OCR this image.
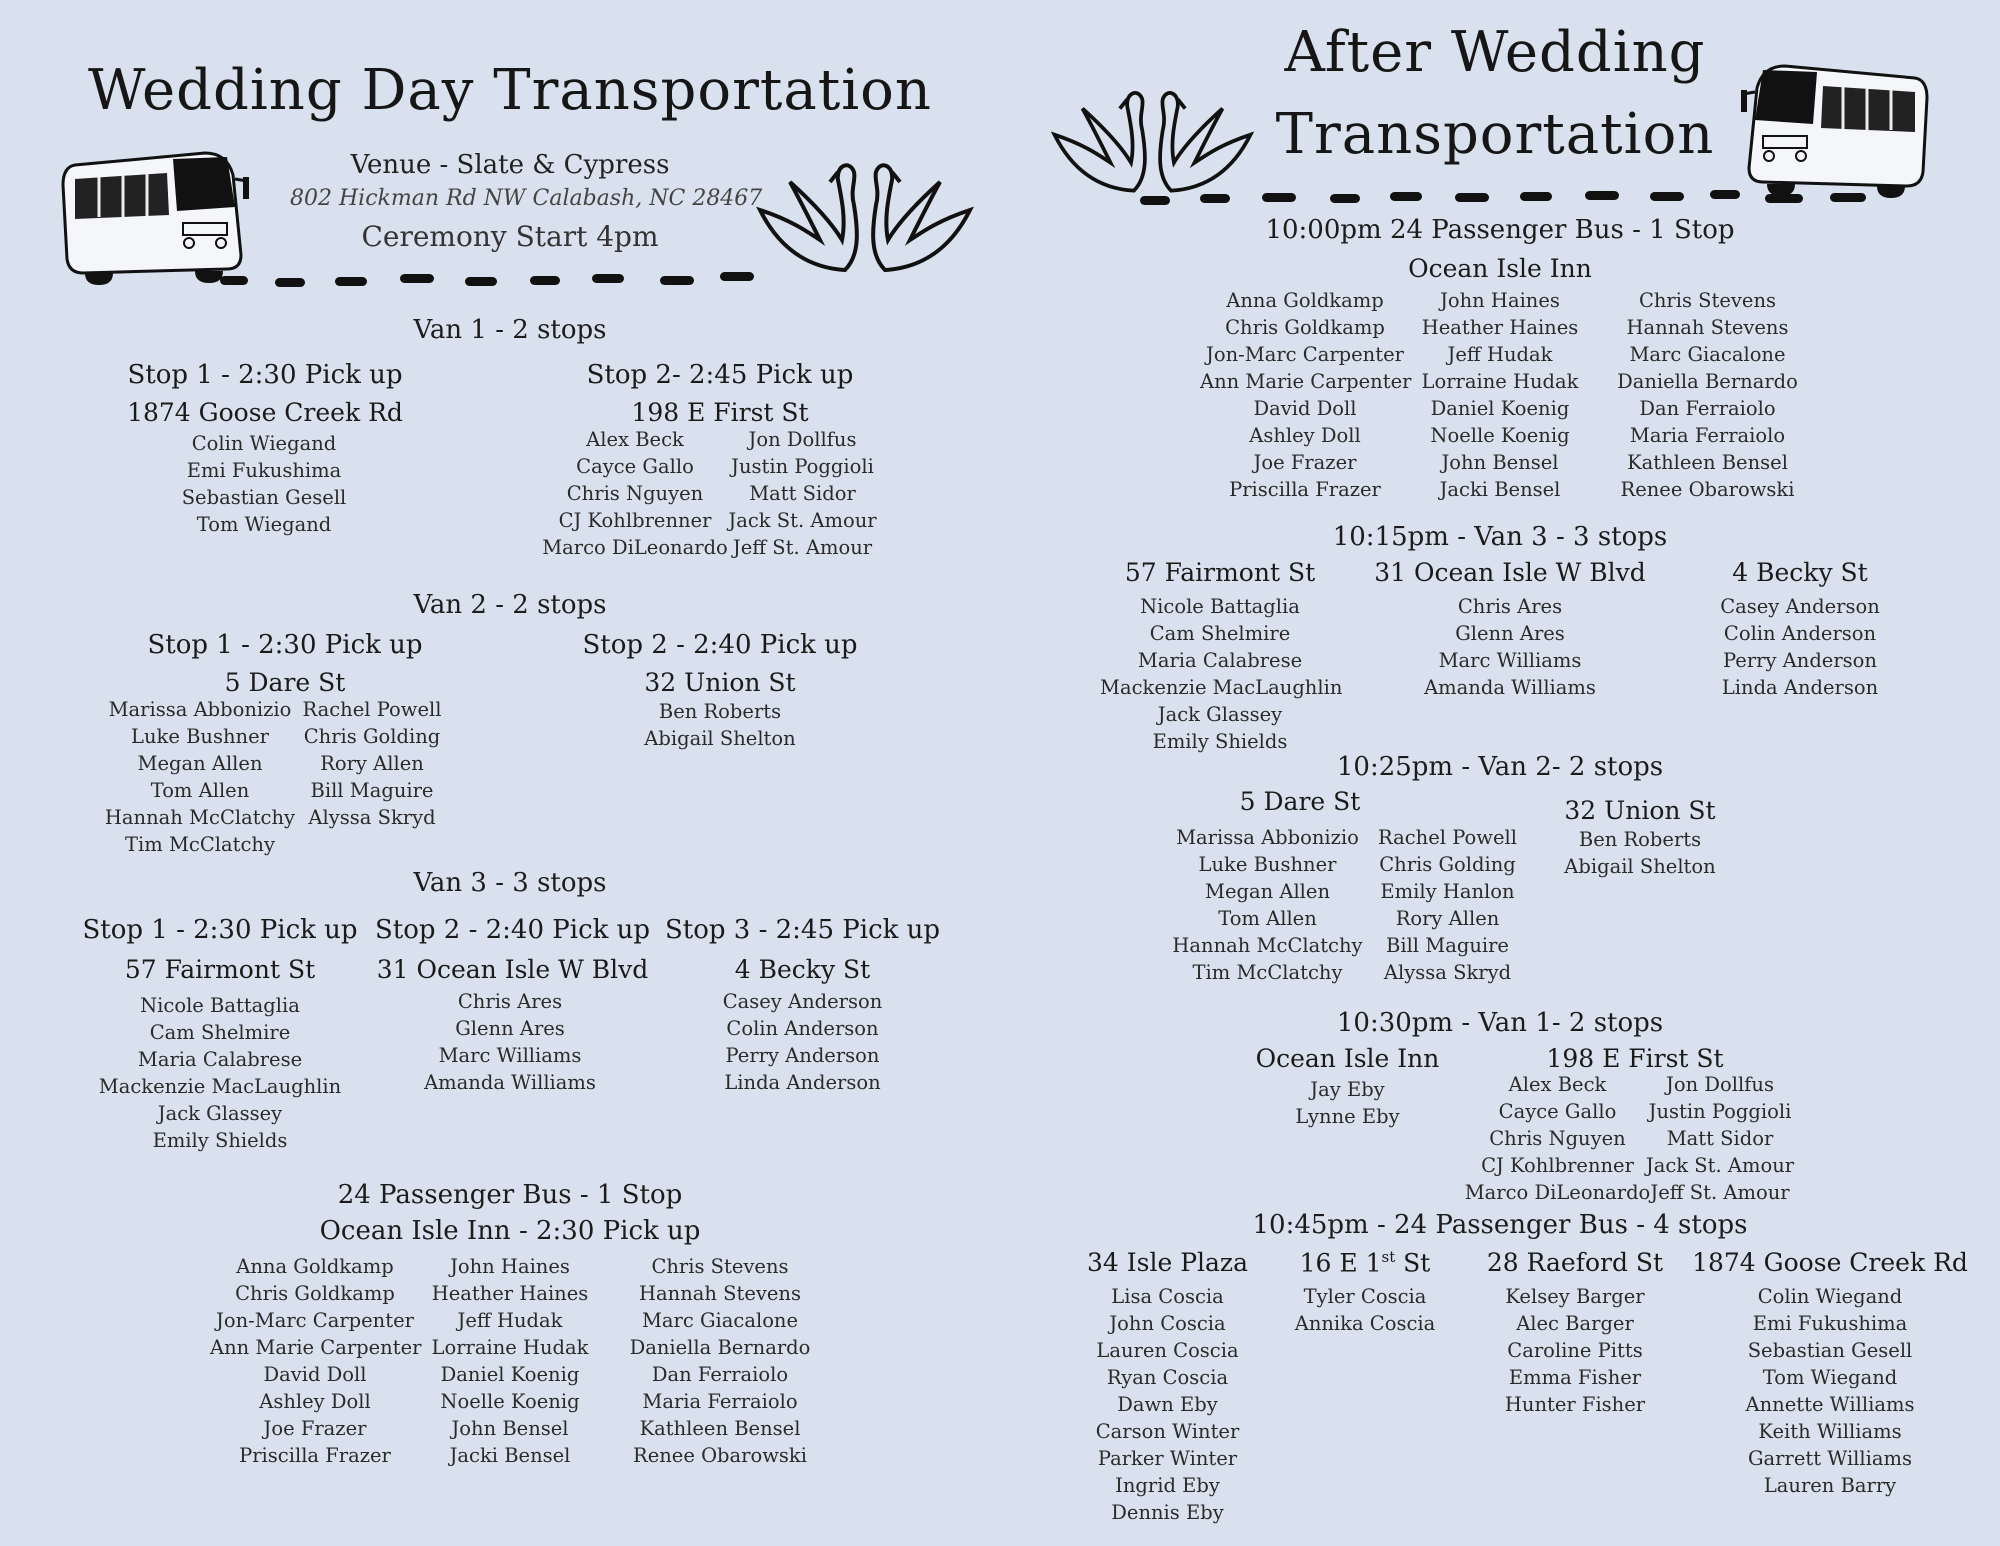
Wedding Day Transportation
Venue - Slate & Cypress
802 Hickman Rd NW Calabash, NC 28467
Ceremony Start 4pm
Van 1 - 2 stops
Stop 1 - 2:30 Pick up
1874 Goose Creek Rd
Colin Wiegand
Emi Fukushima
Sebastian Gesell
Tom Wiegand
Stop 2- 2:45 Pick up
198 E First St
Alex Beck
Cayce Gallo
Chris Nguyen
CJ Kohlbrenner
Marco DiLeonardo
Jon Dollfus
Justin Poggioli
Matt Sidor
Jack St. Amour
Jeff St. Amour
Van 2 - 2 stops
Stop 1 - 2:30 Pick up
5 Dare St
Marissa Abbonizio
Luke Bushner
Megan Allen
Tom Allen
Hannah McClatchy
Tim McClatchy
Rachel Powell
Chris Golding
Rory Allen
Bill Maguire
Alyssa Skryd
Stop 2 - 2:40 Pick up
32 Union St
Ben Roberts
Abigail Shelton
Van 3 - 3 stops
Stop 1 - 2:30 Pick up
57 Fairmont St
Nicole Battaglia
Cam Shelmire
Maria Calabrese
Mackenzie MacLaughlin
Jack Glassey
Emily Shields
Stop 2 - 2:40 Pick up
31 Ocean Isle W Blvd
Chris Ares
Glenn Ares
Marc Williams
Amanda Williams
Stop 3 - 2:45 Pick up
4 Becky St
Casey Anderson
Colin Anderson
Perry Anderson
Linda Anderson
24 Passenger Bus - 1 Stop
Ocean Isle Inn - 2:30 Pick up
Anna Goldkamp
Chris Goldkamp
Jon-Marc Carpenter
Ann Marie Carpenter
David Doll
Ashley Doll
Joe Frazer
Priscilla Frazer
John Haines
Heather Haines
Jeff Hudak
Lorraine Hudak
Daniel Koenig
Noelle Koenig
John Bensel
Jacki Bensel
Chris Stevens
Hannah Stevens
Marc Giacalone
Daniella Bernardo
Dan Ferraiolo
Maria Ferraiolo
Kathleen Bensel
Renee Obarowski
After Wedding
Transportation
10:00pm 24 Passenger Bus - 1 Stop
Ocean Isle Inn
Anna Goldkamp
Chris Goldkamp
Jon-Marc Carpenter
Ann Marie Carpenter
David Doll
Ashley Doll
Joe Frazer
Priscilla Frazer
John Haines
Heather Haines
Jeff Hudak
Lorraine Hudak
Daniel Koenig
Noelle Koenig
John Bensel
Jacki Bensel
Chris Stevens
Hannah Stevens
Marc Giacalone
Daniella Bernardo
Dan Ferraiolo
Maria Ferraiolo
Kathleen Bensel
Renee Obarowski
10:15pm - Van 3 - 3 stops
57 Fairmont St
Nicole Battaglia
Cam Shelmire
Maria Calabrese
Mackenzie MacLaughlin
Jack Glassey
Emily Shields
31 Ocean Isle W Blvd
Chris Ares
Glenn Ares
Marc Williams
Amanda Williams
4 Becky St
Casey Anderson
Colin Anderson
Perry Anderson
Linda Anderson
10:25pm - Van 2- 2 stops
5 Dare St
Marissa Abbonizio
Luke Bushner
Megan Allen
Tom Allen
Hannah McClatchy
Tim McClatchy
Rachel Powell
Chris Golding
Emily Hanlon
Rory Allen
Bill Maguire
Alyssa Skryd
32 Union St
Ben Roberts
Abigail Shelton
10:30pm - Van 1- 2 stops
Ocean Isle Inn
Jay Eby
Lynne Eby
198 E First St
Alex Beck
Cayce Gallo
Chris Nguyen
CJ Kohlbrenner
Marco DiLeonardo
Jon Dollfus
Justin Poggioli
Matt Sidor
Jack St. Amour
Jeff St. Amour
10:45pm - 24 Passenger Bus - 4 stops
34 Isle Plaza
Lisa Coscia
John Coscia
Lauren Coscia
Ryan Coscia
Dawn Eby
Carson Winter
Parker Winter
Ingrid Eby
Dennis Eby
16 E 1st St
Tyler Coscia
Annika Coscia
28 Raeford St
Kelsey Barger
Alec Barger
Caroline Pitts
Emma Fisher
Hunter Fisher
1874 Goose Creek Rd
Colin Wiegand
Emi Fukushima
Sebastian Gesell
Tom Wiegand
Annette Williams
Keith Williams
Garrett Williams
Lauren Barry
